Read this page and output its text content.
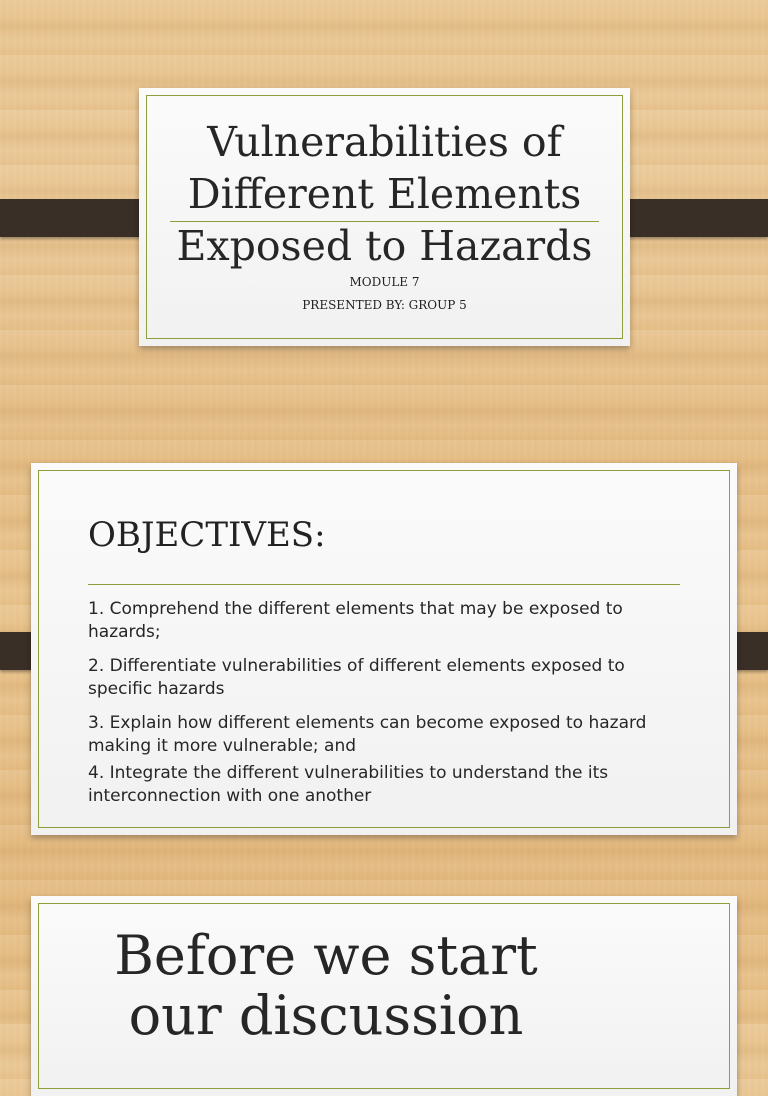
Vulnerabilities of
Different Elements
Exposed to Hazards
MODULE 7
PRESENTED BY: GROUP 5
OBJECTIVES:
1. Comprehend the different elements that may be exposed to hazards;
2. Differentiate vulnerabilities of different elements exposed to specific hazards
3. Explain how different elements can become exposed to hazard making it more vulnerable; and
4. Integrate the different vulnerabilities to understand the its interconnection with one another
Before we start
our discussion
